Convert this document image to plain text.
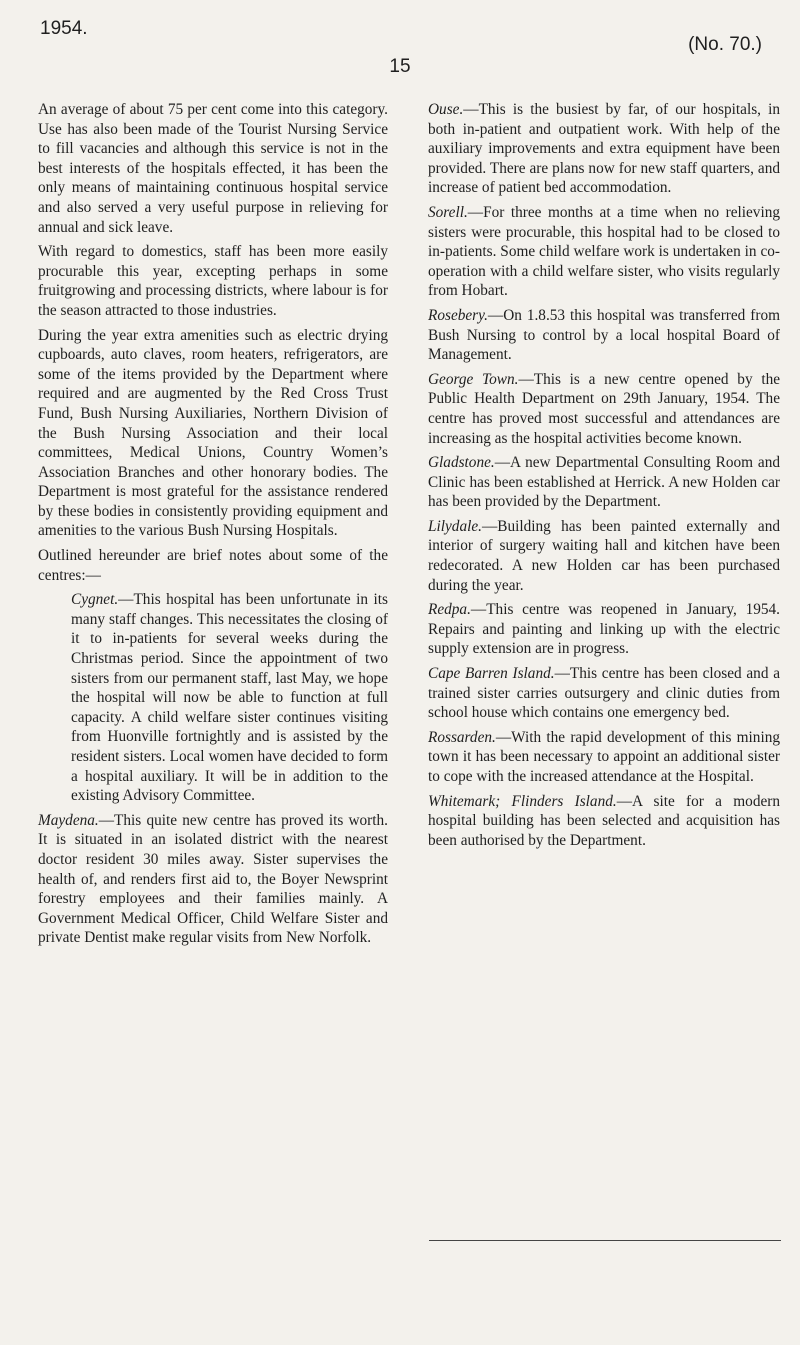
1954.
15
(No. 70.)

An average of about 75 per cent come into this category. Use has also been made of the Tourist Nursing Service to fill vacancies and although this service is not in the best interests of the hospitals effected, it has been the only means of maintaining continuous hospital service and also served a very useful purpose in relieving for annual and sick leave.

With regard to domestics, staff has been more easily procurable this year, excepting perhaps in some fruitgrowing and processing districts, where labour is for the season attracted to those industries.

During the year extra amenities such as electric drying cupboards, auto claves, room heaters, refrigerators, are some of the items provided by the Department where required and are augmented by the Red Cross Trust Fund, Bush Nursing Auxiliaries, Northern Division of the Bush Nursing Association and their local committees, Medical Unions, Country Women’s Association Branches and other honorary bodies. The Department is most grateful for the assistance rendered by these bodies in consistently providing equipment and amenities to the various Bush Nursing Hospitals.

Outlined hereunder are brief notes about some of the centres:—

Cygnet.—This hospital has been unfortunate in its many staff changes. This necessitates the closing of it to in-patients for several weeks during the Christmas period. Since the appointment of two sisters from our permanent staff, last May, we hope the hospital will now be able to function at full capacity. A child welfare sister continues visiting from Huonville fortnightly and is assisted by the resident sisters. Local women have decided to form a hospital auxiliary. It will be in addition to the existing Advisory Committee.

Maydena.—This quite new centre has proved its worth. It is situated in an isolated district with the nearest doctor resident 30 miles away. Sister supervises the health of, and renders first aid to, the Boyer Newsprint forestry employees and their families mainly. A Government Medical Officer, Child Welfare Sister and private Dentist make regular visits from New Norfolk.

Ouse.—This is the busiest by far, of our hospitals, in both in-patient and outpatient work. With help of the auxiliary improvements and extra equipment have been provided. There are plans now for new staff quarters, and increase of patient bed accommodation.

Sorell.—For three months at a time when no relieving sisters were procurable, this hospital had to be closed to in-patients. Some child welfare work is undertaken in co-operation with a child welfare sister, who visits regularly from Hobart.

Rosebery.—On 1.8.53 this hospital was transferred from Bush Nursing to control by a local hospital Board of Management.

George Town.—This is a new centre opened by the Public Health Department on 29th January, 1954. The centre has proved most successful and attendances are increasing as the hospital activities become known.

Gladstone.—A new Departmental Consulting Room and Clinic has been established at Herrick. A new Holden car has been provided by the Department.

Lilydale.—Building has been painted externally and interior of surgery waiting hall and kitchen have been redecorated. A new Holden car has been purchased during the year.

Redpa.—This centre was reopened in January, 1954. Repairs and painting and linking up with the electric supply extension are in progress.

Cape Barren Island.—This centre has been closed and a trained sister carries outsurgery and clinic duties from school house which contains one emergency bed.

Rossarden.—With the rapid development of this mining town it has been necessary to appoint an additional sister to cope with the increased attendance at the Hospital.

Whitemark; Flinders Island.—A site for a modern hospital building has been selected and acquisition has been authorised by the Department.
